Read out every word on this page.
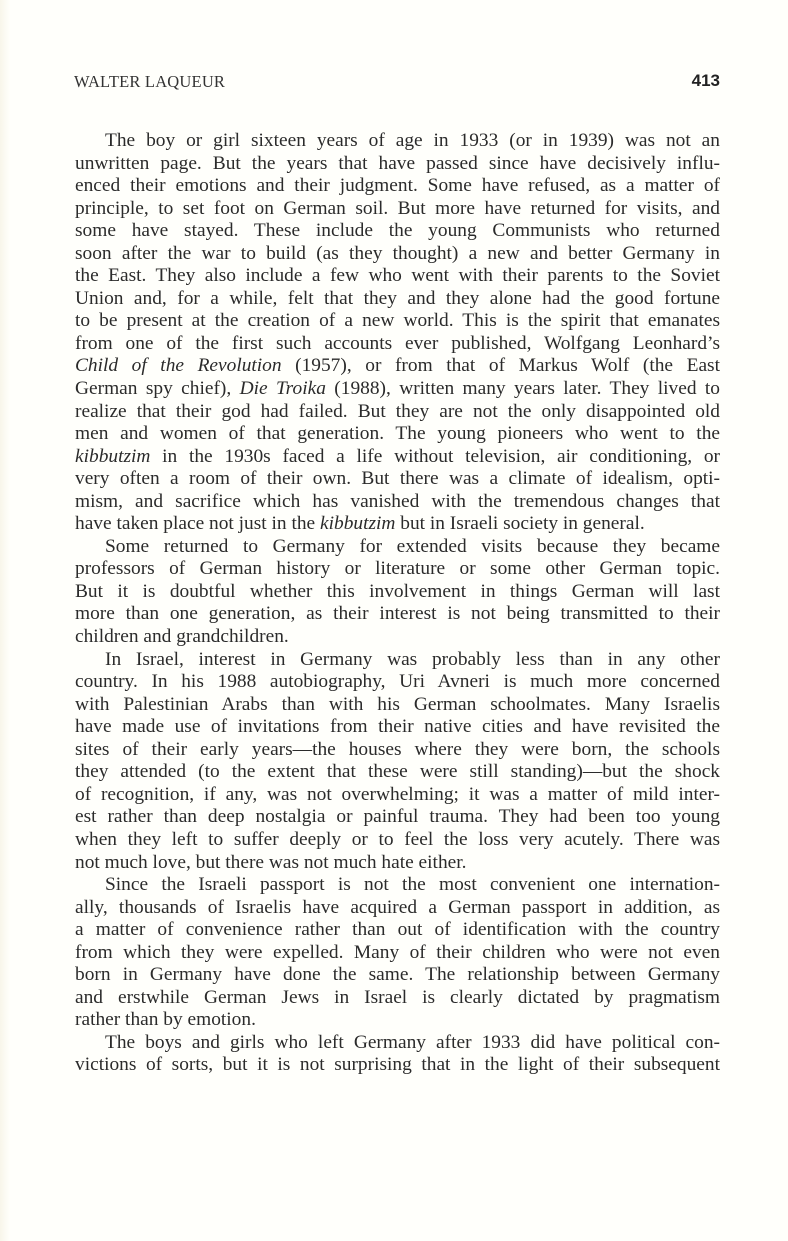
WALTER LAQUEUR	413
The boy or girl sixteen years of age in 1933 (or in 1939) was not an
unwritten page. But the years that have passed since have decisively influ-
enced their emotions and their judgment. Some have refused, as a matter of
principle, to set foot on German soil. But more have returned for visits, and
some have stayed. These include the young Communists who returned
soon after the war to build (as they thought) a new and better Germany in
the East. They also include a few who went with their parents to the Soviet
Union and, for a while, felt that they and they alone had the good fortune
to be present at the creation of a new world. This is the spirit that emanates
from one of the first such accounts ever published, Wolfgang Leonhard’s
Child of the Revolution (1957), or from that of Markus Wolf (the East
German spy chief), Die Troika (1988), written many years later. They lived to
realize that their god had failed. But they are not the only disappointed old
men and women of that generation. The young pioneers who went to the
kibbutzim in the 1930s faced a life without television, air conditioning, or
very often a room of their own. But there was a climate of idealism, opti-
mism, and sacrifice which has vanished with the tremendous changes that
have taken place not just in the kibbutzim but in Israeli society in general.
Some returned to Germany for extended visits because they became
professors of German history or literature or some other German topic.
But it is doubtful whether this involvement in things German will last
more than one generation, as their interest is not being transmitted to their
children and grandchildren.
In Israel, interest in Germany was probably less than in any other
country. In his 1988 autobiography, Uri Avneri is much more concerned
with Palestinian Arabs than with his German schoolmates. Many Israelis
have made use of invitations from their native cities and have revisited the
sites of their early years—the houses where they were born, the schools
they attended (to the extent that these were still standing)—but the shock
of recognition, if any, was not overwhelming; it was a matter of mild inter-
est rather than deep nostalgia or painful trauma. They had been too young
when they left to suffer deeply or to feel the loss very acutely. There was
not much love, but there was not much hate either.
Since the Israeli passport is not the most convenient one internation-
ally, thousands of Israelis have acquired a German passport in addition, as
a matter of convenience rather than out of identification with the country
from which they were expelled. Many of their children who were not even
born in Germany have done the same. The relationship between Germany
and erstwhile German Jews in Israel is clearly dictated by pragmatism
rather than by emotion.
The boys and girls who left Germany after 1933 did have political con-
victions of sorts, but it is not surprising that in the light of their subsequent
